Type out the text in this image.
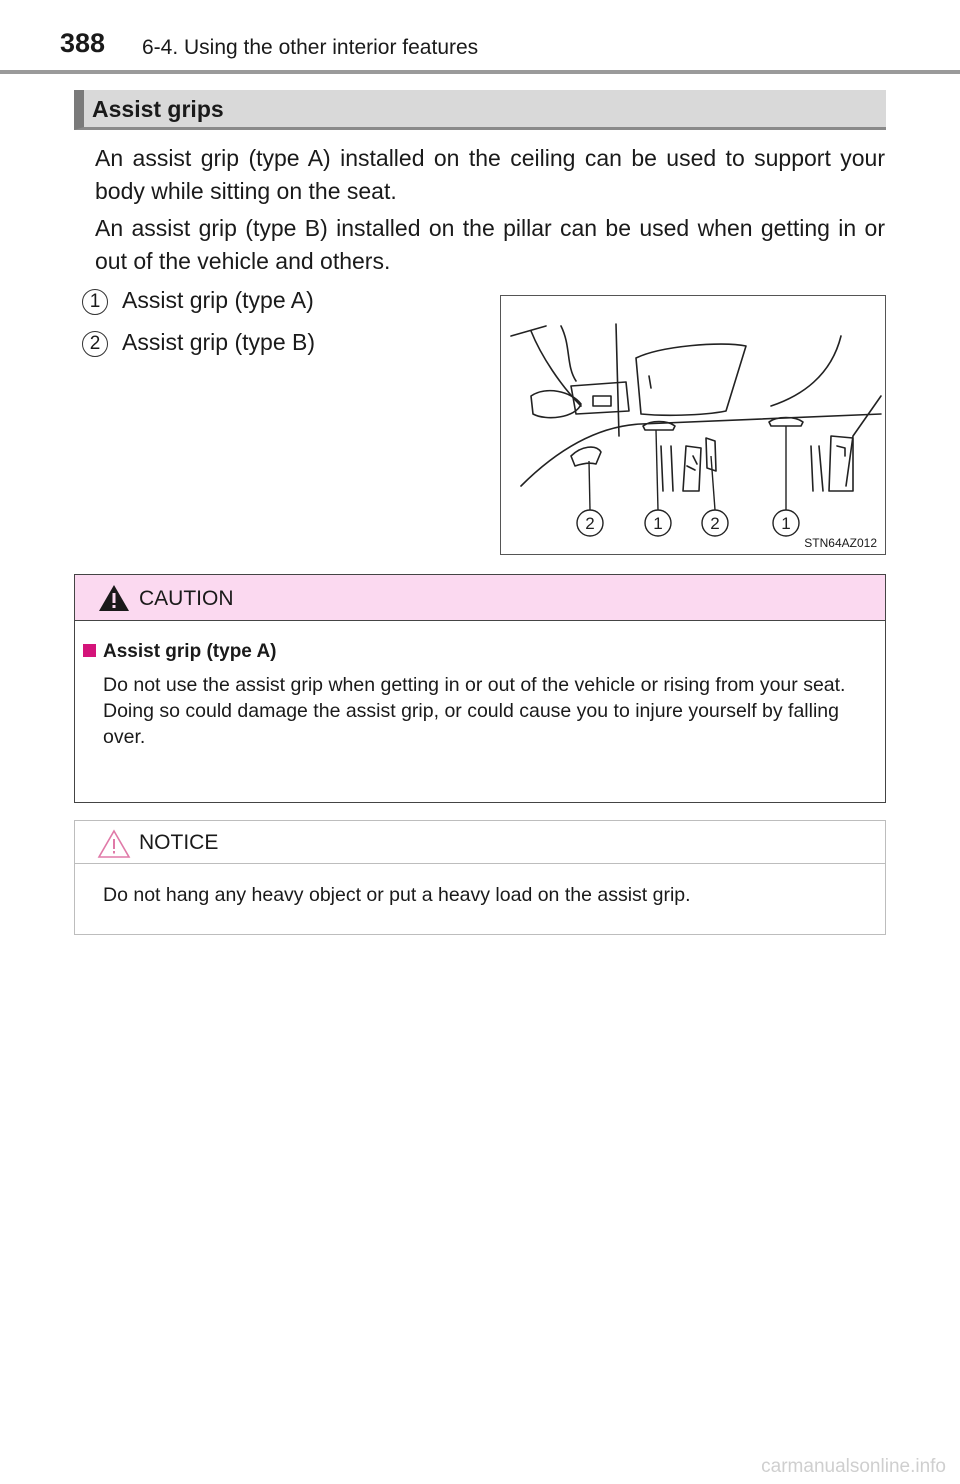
388 6-4. Using the other interior features
Assist grips
An assist grip (type A) installed on the ceiling can be used to support your body while sitting on the seat.
An assist grip (type B) installed on the pillar can be used when getting in or out of the vehicle and others.
1 Assist grip (type A)
2 Assist grip (type B)
2	1	2	1
STN64AZ012
CAUTION
Assist grip (type A)
Do not use the assist grip when getting in or out of the vehicle or rising from your seat.
Doing so could damage the assist grip, or could cause you to injure yourself by falling over.
NOTICE
Do not hang any heavy object or put a heavy load on the assist grip.
carmanualsonline.info
